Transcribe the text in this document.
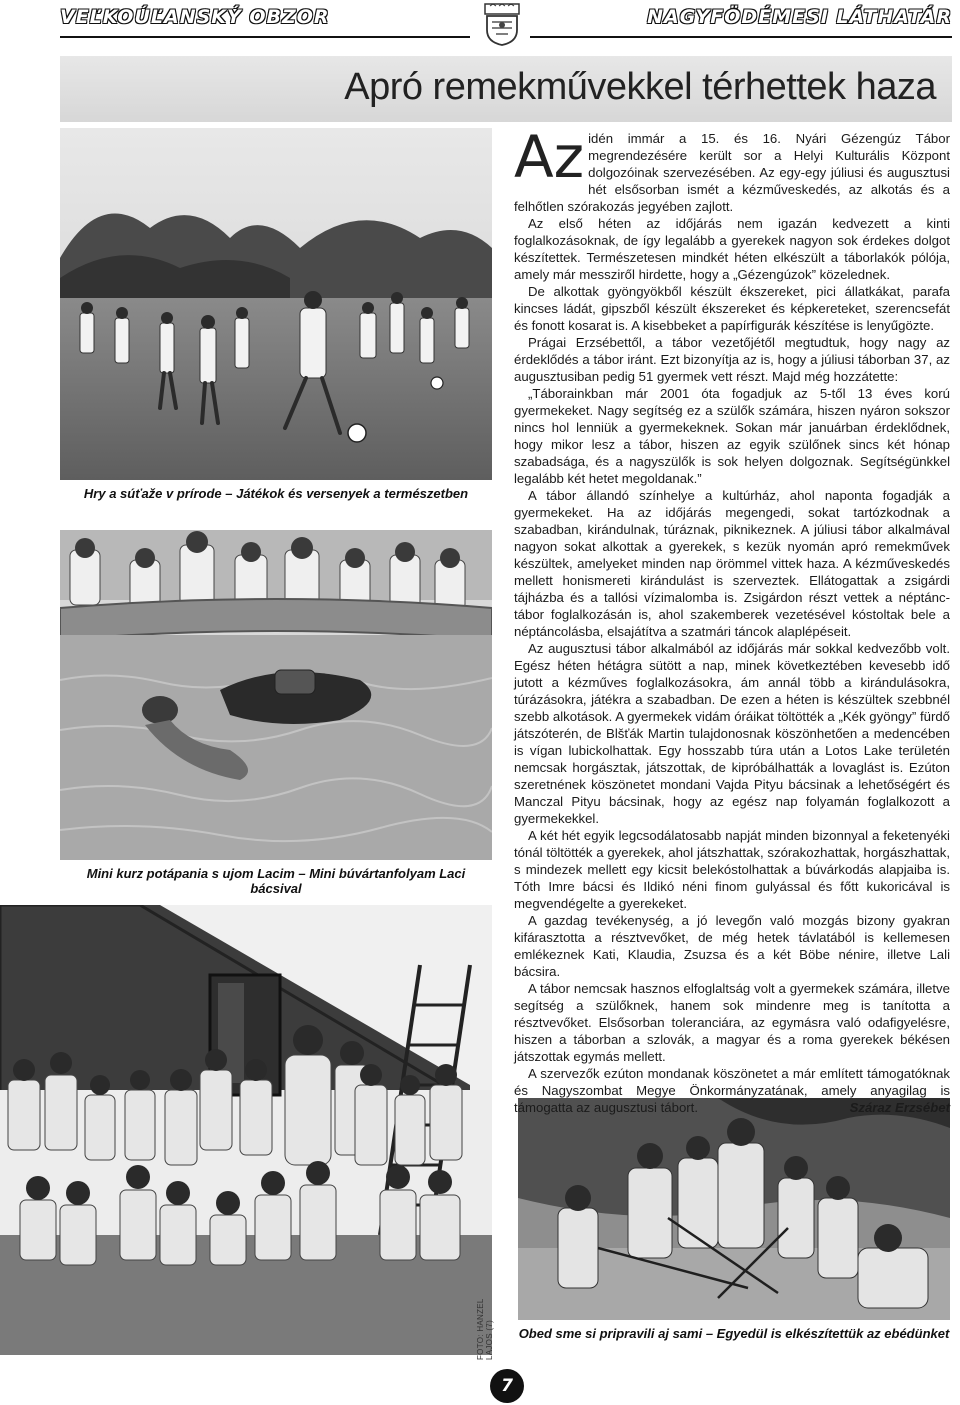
VEĽKOÚĽANSKÝ OBZOR	NAGYFÖDÉMESI LÁTHATÁR
Apró remekművekkel térhettek haza
Hry a súťaže v prírode – Játékok és versenyek a természetben
Mini kurz potápania s ujom Lacim – Mini búvártanfolyam Laci bácsival
FOTO: HANZEL LAJOS (7) Obed sme si pripravili aj sami – Egyedül is elkészítettük az ebédünket

Az idén immár a 15. és 16. Nyári Gézengúz Tábor megrendezésére került sor a Helyi Kulturális Központ dolgozóinak szervezésében. Az egy-egy júliusi és augusztusi hét elsősorban ismét a kézműveskedés, az alkotás és a felhőtlen szórakozás jegyében zajlott.

Az első héten az időjárás nem igazán kedvezett a kinti foglalkozásoknak, de így legalább a gyerekek nagyon sok érdekes dolgot készítettek. Természetesen mindkét héten elkészült a táborlakók pólója, amely már messziről hirdette, hogy a „Gézengúzok” közelednek.

De alkottak gyöngyökből készült ékszereket, pici állatkákat, parafa kincses ládát, gipszből készült ékszereket és képkereteket, szerencsefát és fonott kosarat is. A kisebbeket a papírfigurák készítése is lenyűgözte.

Prágai Erzsébettől, a tábor vezetőjétől megtudtuk, hogy nagy az érdeklődés a tábor iránt. Ezt bizonyítja az is, hogy a júliusi táborban 37, az augusztusiban pedig 51 gyermek vett részt. Majd még hozzátette:

„Táborainkban már 2001 óta fogadjuk az 5-től 13 éves korú gyermekeket. Nagy segítség ez a szülők számára, hiszen nyáron sokszor nincs hol lenniük a gyermekeknek. Sokan már januárban érdeklődnek, hogy mikor lesz a tábor, hiszen az egyik szülőnek sincs két hónap szabadsága, és a nagyszülők is sok helyen dolgoznak. Segítségünkkel legalább két hetet megoldanak.”

A tábor állandó színhelye a kultúrház, ahol naponta fogadják a gyermekeket. Ha az időjárás megengedi, sokat tartózkodnak a szabadban, kirándulnak, túráznak, piknikeznek. A júliusi tábor alkalmával nagyon sokat alkottak a gyerekek, s kezük nyomán apró remekművek készültek, amelyeket minden nap örömmel vittek haza. A kézműveskedés mellett honismereti kirándulást is szerveztek. Ellátogattak a zsigárdi tájházba és a tallósi vízimalomba is. Zsigárdon részt vettek a néptánc-tábor foglalkozásán is, ahol szakemberek vezetésével kóstoltak bele a néptáncolásba, elsajátítva a szatmári táncok alaplépéseit.

Az augusztusi tábor alkalmából az időjárás már sokkal kedvezőbb volt. Egész héten hétágra sütött a nap, minek következtében kevesebb idő jutott a kézműves foglalkozásokra, ám annál több a kirándulásokra, túrázásokra, játékra a szabadban. De ezen a héten is készültek szebbnél szebb alkotások. A gyermekek vidám óráikat töltötték a „Kék gyöngy” fürdő játszóterén, de Blšťák Martin tulajdonosnak köszönhetően a medencében is vígan lubickolhattak. Egy hosszabb túra után a Lotos Lake területén nemcsak horgásztak, játszottak, de kipróbálhatták a lovaglást is. Ezúton szeretnének köszönetet mondani Vajda Pityu bácsinak a lehetőségért és Manczal Pityu bácsinak, hogy az egész nap folyamán foglalkozott a gyermekekkel.

A két hét egyik legcsodálatosabb napját minden bizonnyal a feketenyéki tónál töltötték a gyerekek, ahol játszhattak, szórakozhattak, horgászhattak, s mindezek mellett egy kicsit belekóstolhattak a búvárkodás alapjaiba is. Tóth Imre bácsi és Ildikó néni finom gulyással és főtt kukoricával is megvendégelte a gyerekeket.

A gazdag tevékenység, a jó levegőn való mozgás bizony gyakran kifárasztotta a résztvevőket, de még hetek távlatából is kellemesen emlékeznek Kati, Klaudia, Zsuzsa és a két Böbe nénire, illetve Lali bácsira.

A tábor nemcsak hasznos elfoglaltság volt a gyermekek számára, illetve segítség a szülőknek, hanem sok mindenre meg is tanította a résztvevőket. Elsősorban toleranciára, az egymásra való odafigyelésre, hiszen a táborban a szlovák, a magyar és a roma gyerekek békésen játszottak egymás mellett.

A szervezők ezúton mondanak köszönetet a már említett támogatóknak és Nagyszombat Megye Önkormányzatának, amely anyagilag is támogatta az augusztusi tábort.	Száraz Erzsébet

7
